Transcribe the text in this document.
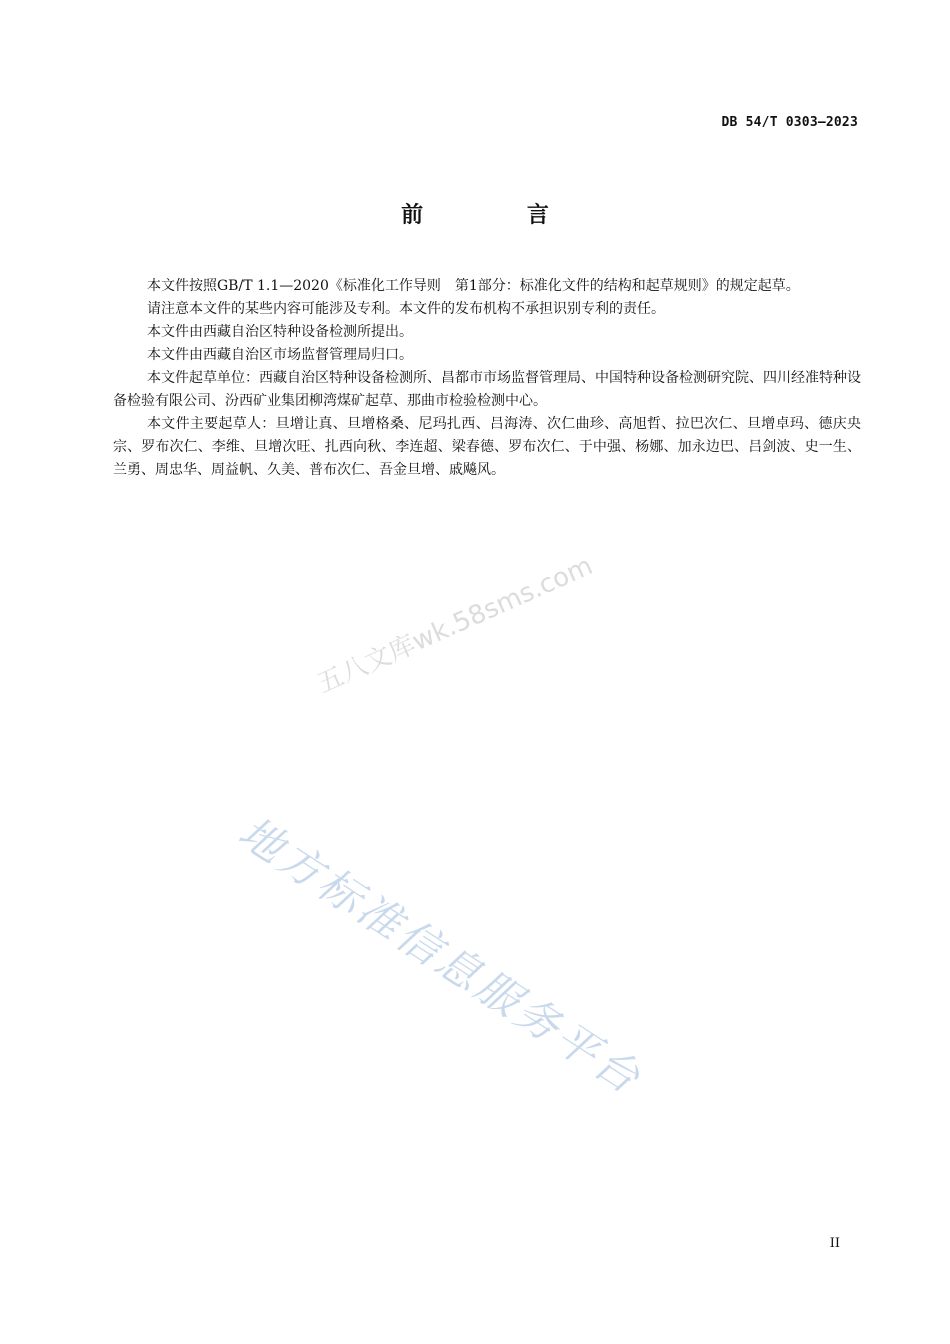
DB 54/T 0303—2023
前 言

本文件按照GB/T 1.1—2020《标准化工作导则　第1部分：标准化文件的结构和起草规则》的规定起草。

请注意本文件的某些内容可能涉及专利。本文件的发布机构不承担识别专利的责任。

本文件由西藏自治区特种设备检测所提出。

本文件由西藏自治区市场监督管理局归口。

本文件起草单位：西藏自治区特种设备检测所、昌都市市场监督管理局、中国特种设备检测研究院、四川经准特种设备检验有限公司、汾西矿业集团柳湾煤矿起草、那曲市检验检测中心。

本文件主要起草人：旦增让真、旦增格桑、尼玛扎西、吕海涛、次仁曲珍、高旭哲、拉巴次仁、旦增卓玛、德庆央宗、罗布次仁、李维、旦增次旺、扎西向秋、李连超、梁春德、罗布次仁、于中强、杨娜、加永边巴、吕剑波、史一生、兰勇、周忠华、周益帆、久美、普布次仁、吾金旦增、戚飚风。

五八文库wk.58sms.com
地方标准信息服务平台
II
